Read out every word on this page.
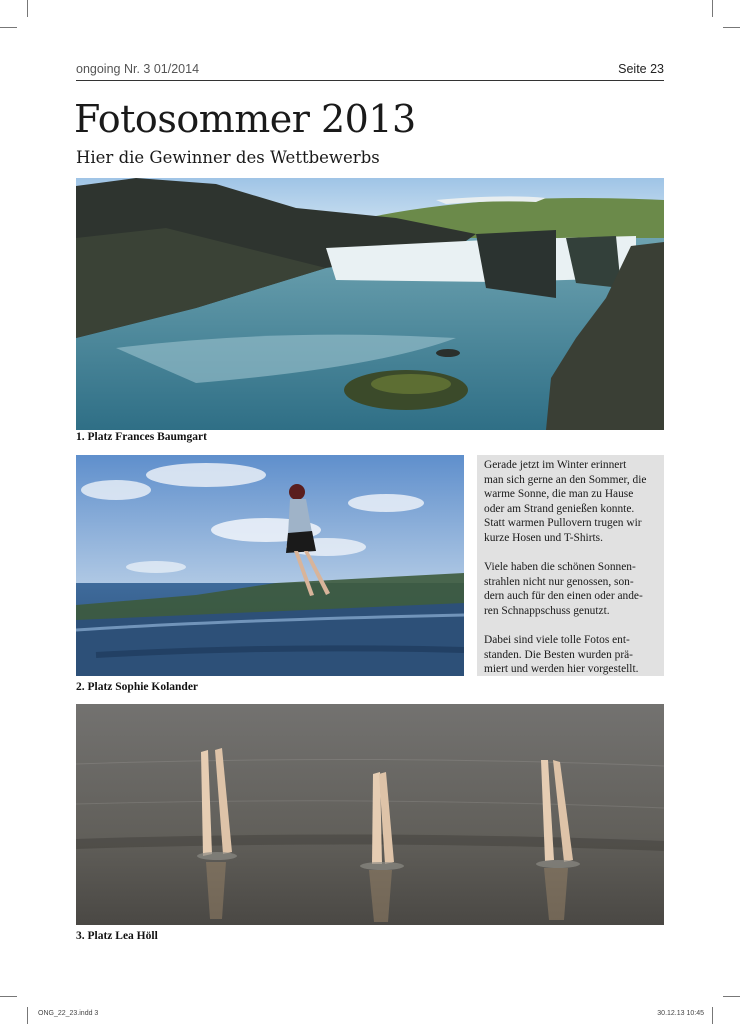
ongoing Nr. 3 01/2014	Seite 23
Fotosommer 2013
Hier die Gewinner des Wettbewerbs
1. Platz Frances Baumgart
2. Platz Sophie Kolander

Gerade jetzt im Winter erinnert
man sich gerne an den Sommer, die
warme Sonne, die man zu Hause
oder am Strand genießen konnte.
Statt warmen Pullovern trugen wir
kurze Hosen und T-Shirts.

Viele haben die schönen Sonnen-
strahlen nicht nur genossen, son-
dern auch für den einen oder ande-
ren Schnappschuss genutzt.

Dabei sind viele tolle Fotos ent-
standen. Die Besten wurden prä-
miert und werden hier vorgestellt.

3. Platz Lea Höll
ONG_22_23.indd 3	30.12.13 10:45
